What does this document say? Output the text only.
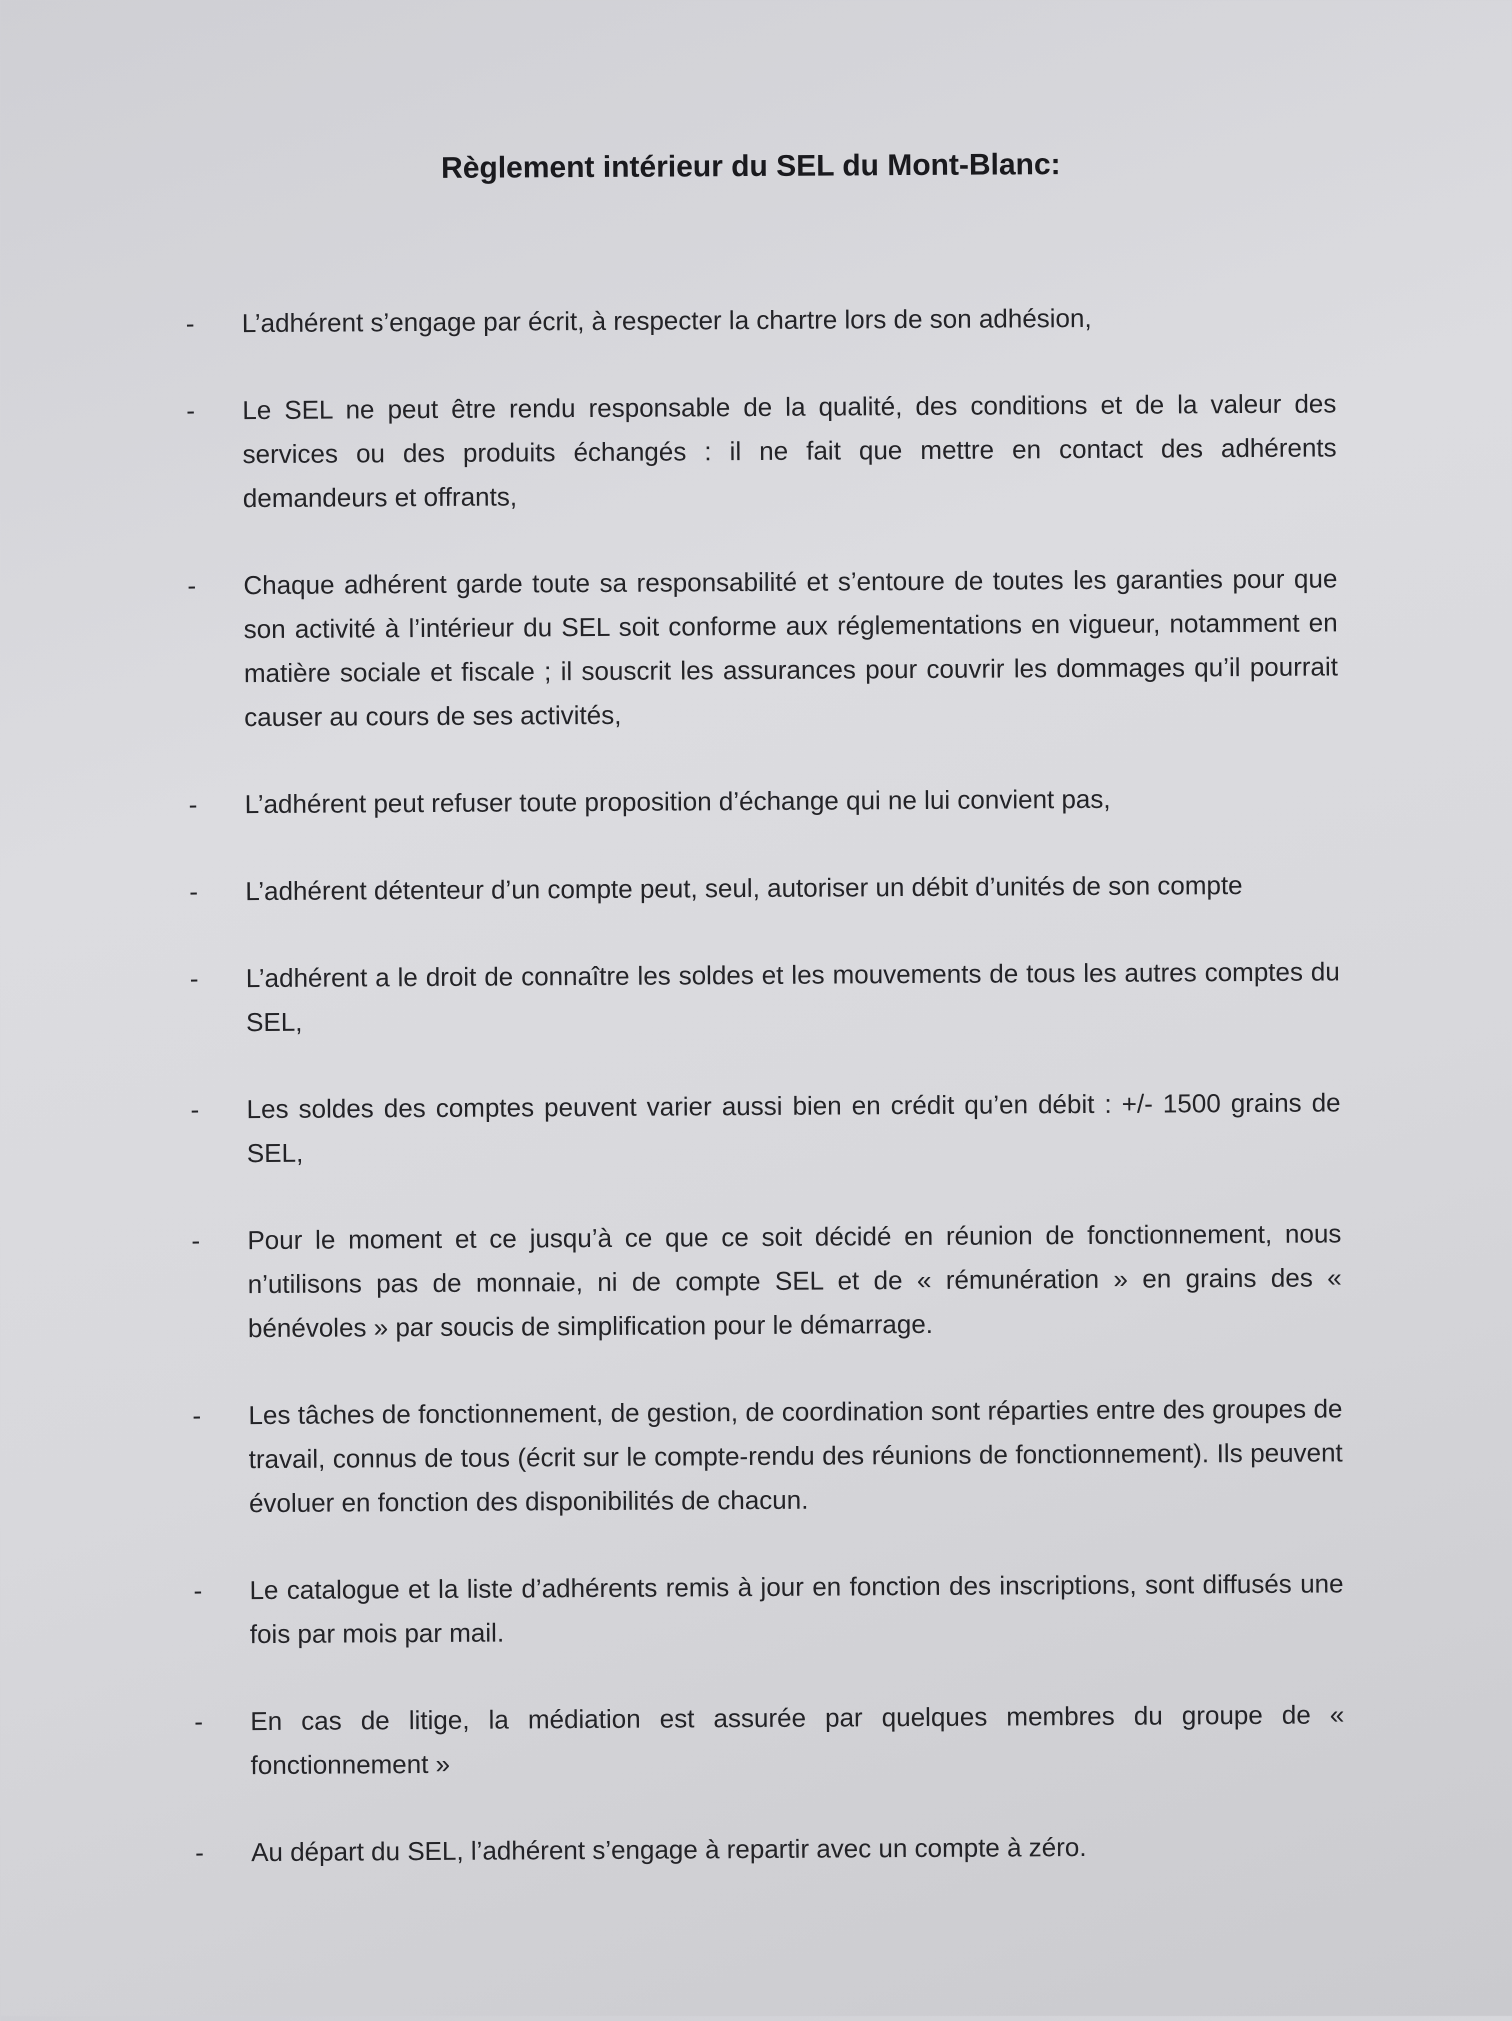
Règlement intérieur du SEL du Mont-Blanc:
-	L’adhérent s’engage par écrit, à respecter la chartre lors de son adhésion,
-	Le SEL ne peut être rendu responsable de la qualité, des conditions et de la valeur des services ou des produits échangés : il ne fait que mettre en contact des adhérents demandeurs et offrants,
-	Chaque adhérent garde toute sa responsabilité et s’entoure de toutes les garanties pour que son activité à l’intérieur du SEL soit conforme aux réglementations en vigueur, notamment en matière sociale et fiscale ; il souscrit les assurances pour couvrir les dommages qu’il pourrait causer au cours de ses activités,
-	L’adhérent peut refuser toute proposition d’échange qui ne lui convient pas,
-	L’adhérent détenteur d’un compte peut, seul, autoriser un débit d’unités de son compte
-	L’adhérent a le droit de connaître les soldes et les mouvements de tous les autres comptes du SEL,
-	Les soldes des comptes peuvent varier aussi bien en crédit qu’en débit : +/- 1500 grains de SEL,
-	Pour le moment et ce jusqu’à ce que ce soit décidé en réunion de fonctionnement, nous n’utilisons pas de monnaie, ni de compte SEL et de « rémunération » en grains des « bénévoles » par soucis de simplification pour le démarrage.
-	Les tâches de fonctionnement, de gestion, de coordination sont réparties entre des groupes de travail, connus de tous (écrit sur le compte-rendu des réunions de fonctionnement). Ils peuvent évoluer en fonction des disponibilités de chacun.
-	Le catalogue et la liste d’adhérents remis à jour en fonction des inscriptions, sont diffusés une fois par mois par mail.
-	En cas de litige, la médiation est assurée par quelques membres du groupe de « fonctionnement »
-	Au départ du SEL, l’adhérent s’engage à repartir avec un compte à zéro.
